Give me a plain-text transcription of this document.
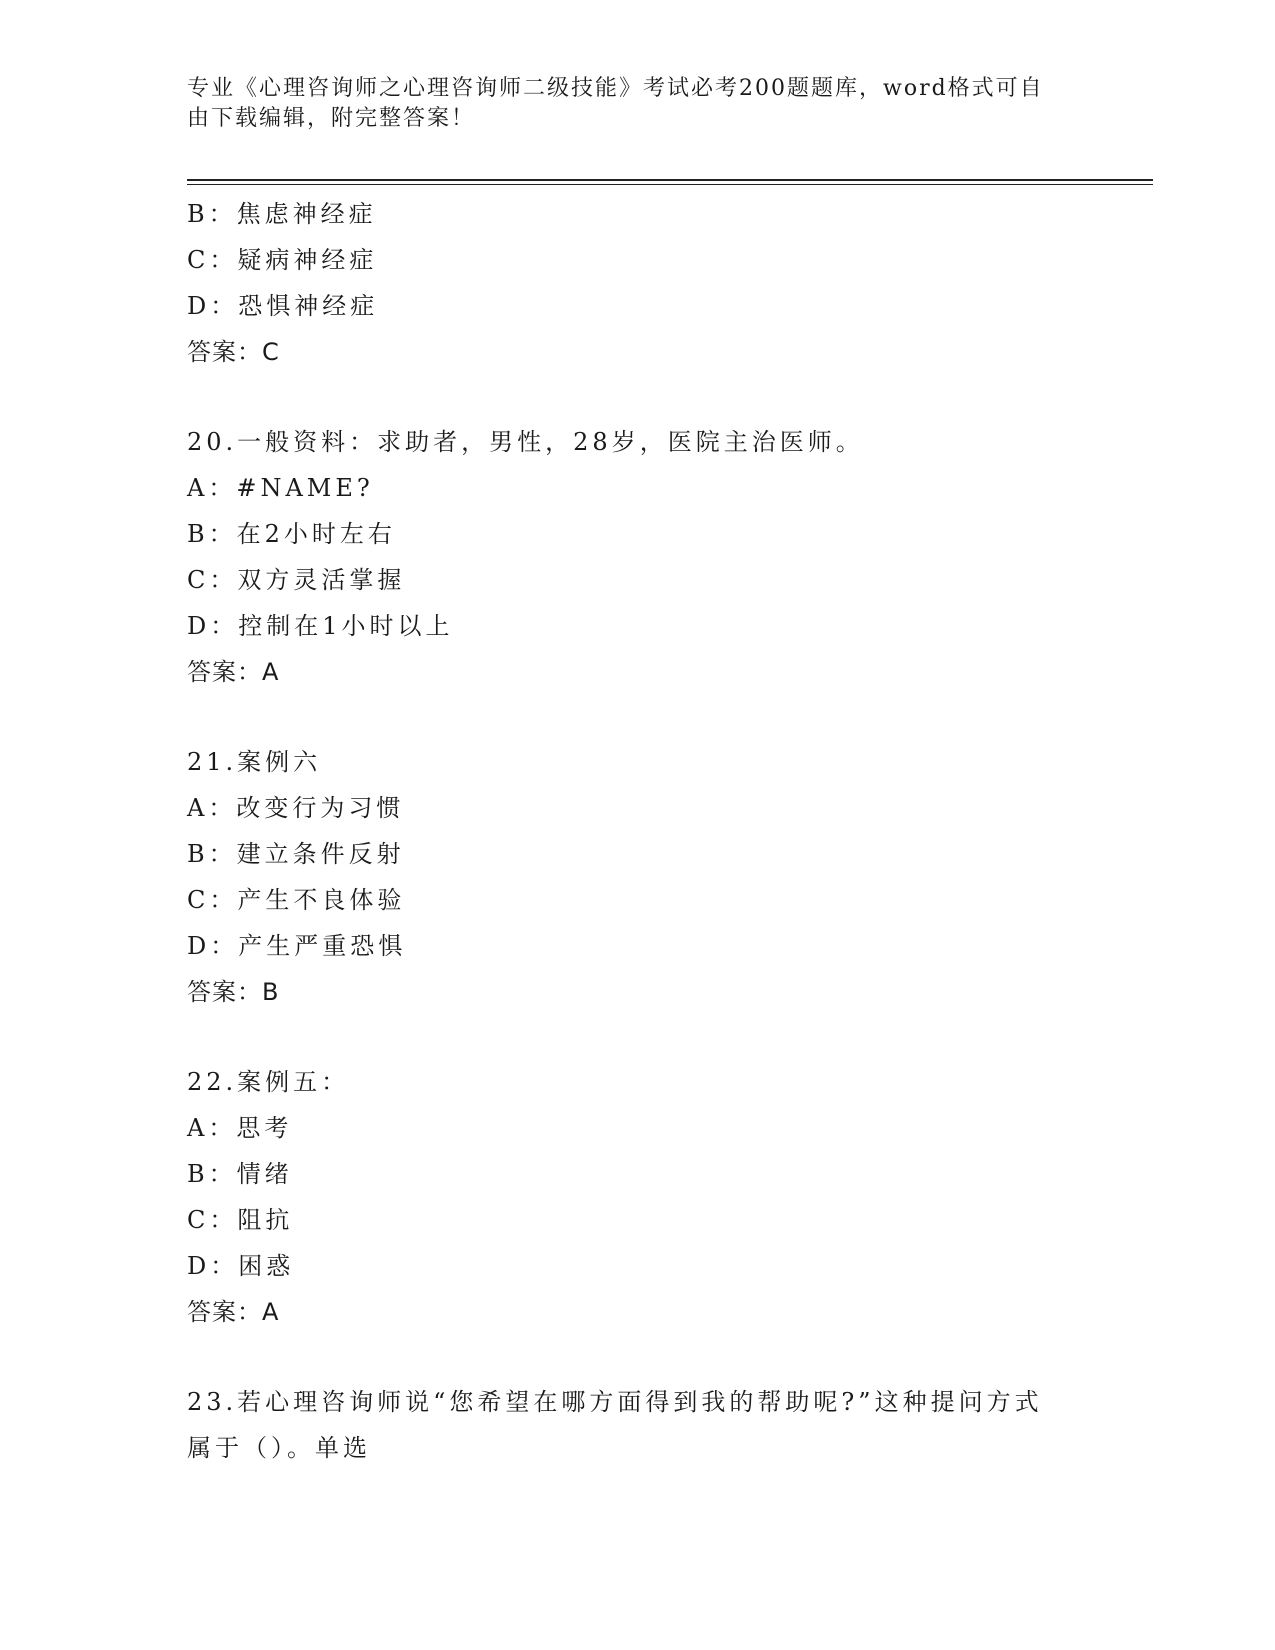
专业《心理咨询师之心理咨询师二级技能》考试必考200题题库，word格式可自由下载编辑，附完整答案！
B：焦虑神经症
C：疑病神经症
D：恐惧神经症
答案：C
20.一般资料：求助者，男性，28岁，医院主治医师。
A：#NAME?
B：在2小时左右
C：双方灵活掌握
D：控制在1小时以上
答案：A
21.案例六
A：改变行为习惯
B：建立条件反射
C：产生不良体验
D：产生严重恐惧
答案：B
22.案例五：
A：思考
B：情绪
C：阻抗
D：困惑
答案：A
23.若心理咨询师说“您希望在哪方面得到我的帮助呢?”这种提问方式属于（）。单选
